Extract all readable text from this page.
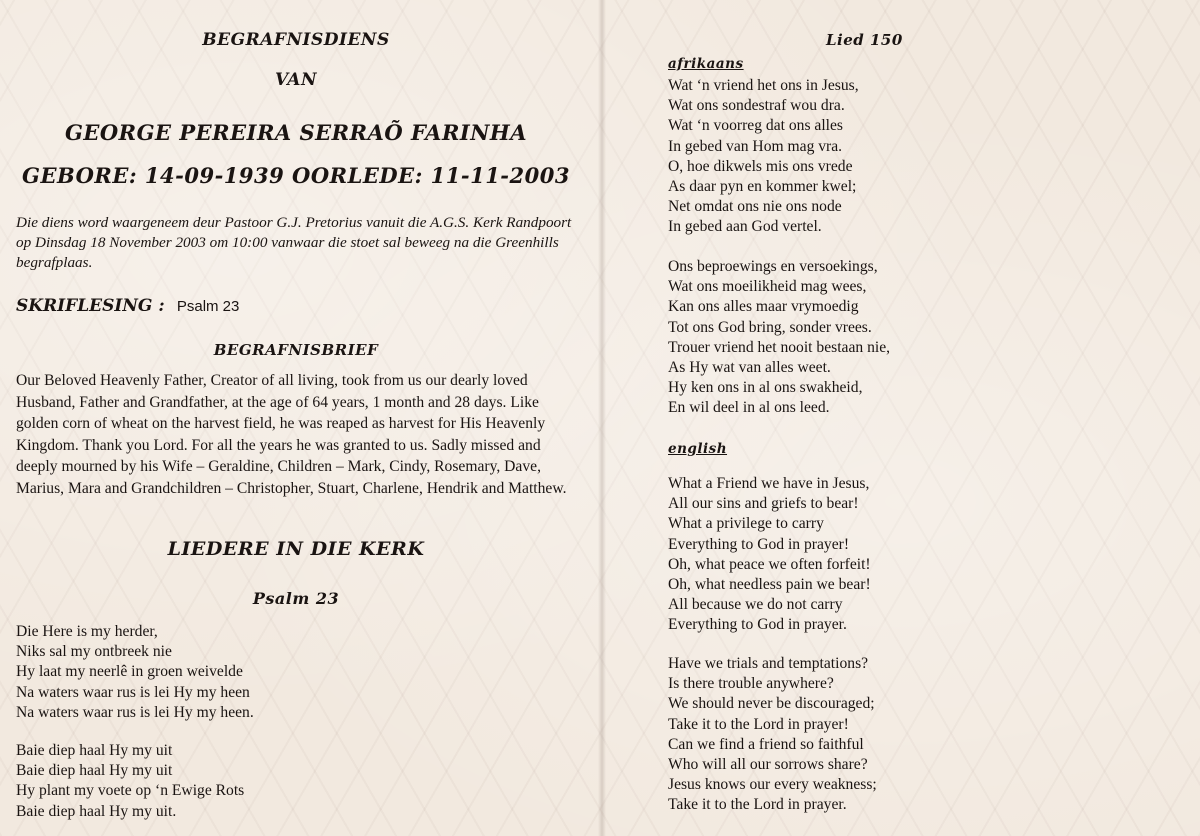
BEGRAFNISDIENS
VAN
GEORGE PEREIRA SERRAÕ FARINHA
GEBORE: 14-09-1939 OORLEDE: 11-11-2003
Die diens word waargeneem deur Pastoor G.J. Pretorius vanuit die A.G.S. Kerk Randpoort op Dinsdag 18 November 2003 om 10:00 vanwaar die stoet sal beweeg na die Greenhills begrafplaas.
SKRIFLESING : Psalm 23
BEGRAFNISBRIEF
Our Beloved Heavenly Father, Creator of all living, took from us our dearly loved Husband, Father and Grandfather, at the age of 64 years, 1 month and 28 days. Like golden corn of wheat on the harvest field, he was reaped as harvest for His Heavenly Kingdom. Thank you Lord. For all the years he was granted to us. Sadly missed and deeply mourned by his Wife – Geraldine, Children – Mark, Cindy, Rosemary, Dave, Marius, Mara and Grandchildren – Christopher, Stuart, Charlene, Hendrik and Matthew.
LIEDERE IN DIE KERK
Psalm 23
Die Here is my herder,
Niks sal my ontbreek nie
Hy laat my neerlê in groen weivelde
Na waters waar rus is lei Hy my heen
Na waters waar rus is lei Hy my heen.
Baie diep haal Hy my uit
Baie diep haal Hy my uit
Hy plant my voete op ‘n Ewige Rots
Baie diep haal Hy my uit.
Lied 150
afrikaans
Wat ‘n vriend het ons in Jesus,
Wat ons sondestraf wou dra.
Wat ‘n voorreg dat ons alles
In gebed van Hom mag vra.
O, hoe dikwels mis ons vrede
As daar pyn en kommer kwel;
Net omdat ons nie ons node
In gebed aan God vertel.
Ons beproewings en versoekings,
Wat ons moeilikheid mag wees,
Kan ons alles maar vrymoedig
Tot ons God bring, sonder vrees.
Trouer vriend het nooit bestaan nie,
As Hy wat van alles weet.
Hy ken ons in al ons swakheid,
En wil deel in al ons leed.
english
What a Friend we have in Jesus,
All our sins and griefs to bear!
What a privilege to carry
Everything to God in prayer!
Oh, what peace we often forfeit!
Oh, what needless pain we bear!
All because we do not carry
Everything to God in prayer.
Have we trials and temptations?
Is there trouble anywhere?
We should never be discouraged;
Take it to the Lord in prayer!
Can we find a friend so faithful
Who will all our sorrows share?
Jesus knows our every weakness;
Take it to the Lord in prayer.
